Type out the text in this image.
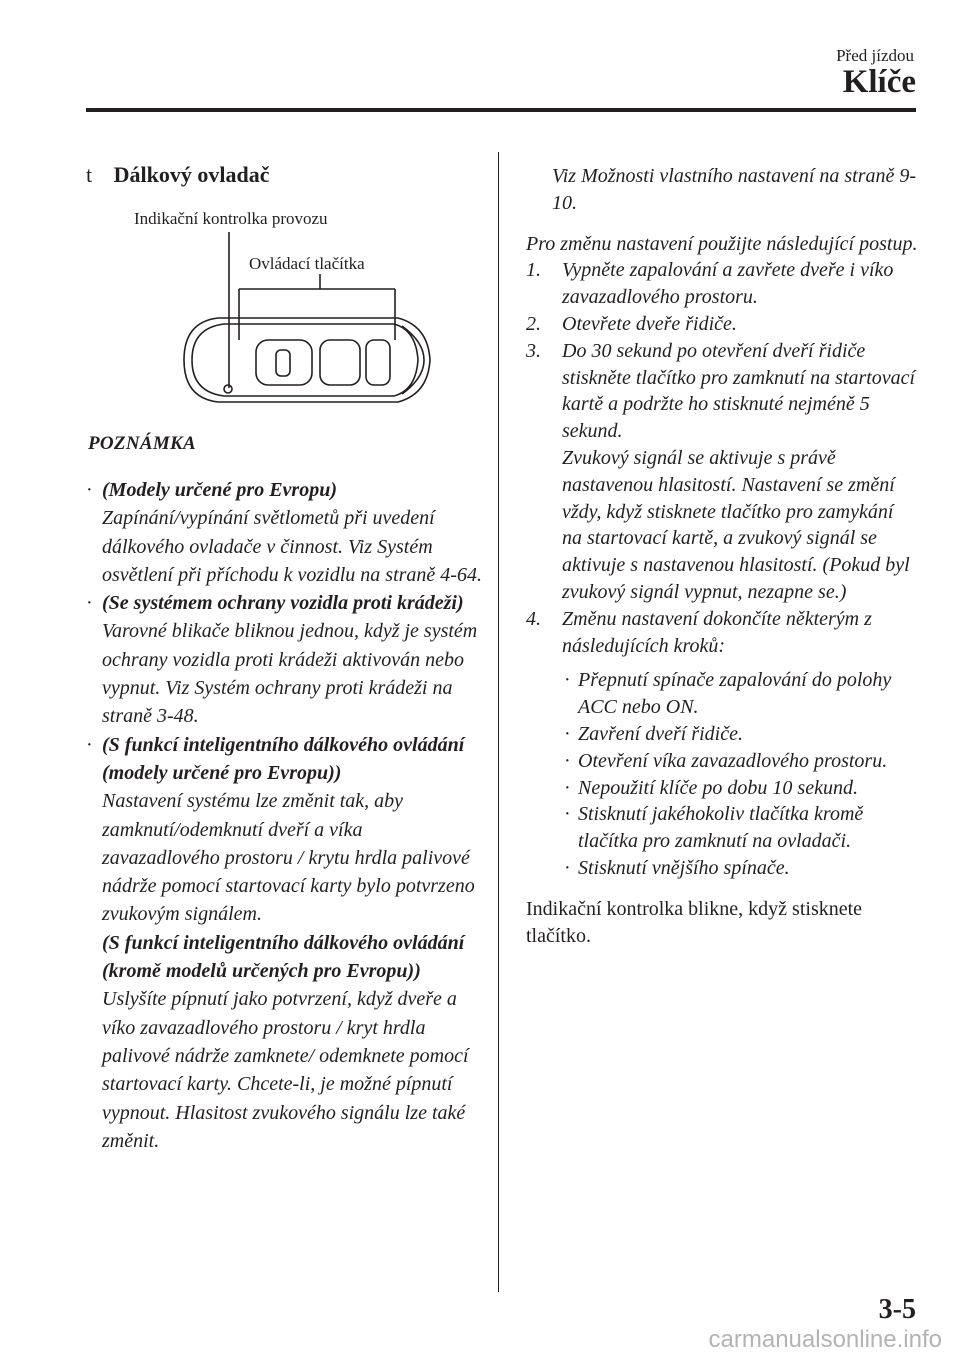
Před jízdou
Klíče
t Dálkový ovladač
Indikační kontrolka provozu
Ovládací tlačítka
POZNÁMKA
· (Modely určené pro Evropu)
Zapínání/vypínání světlometů při uvedení dálkového ovladače v činnost. Viz Systém osvětlení při příchodu k vozidlu na straně 4-64.
· (Se systémem ochrany vozidla proti krádeži)
Varovné blikače bliknou jednou, když je systém ochrany vozidla proti krádeži aktivován nebo vypnut. Viz Systém ochrany proti krádeži na straně 3-48.
· (S funkcí inteligentního dálkového ovládání (modely určené pro Evropu))
Nastavení systému lze změnit tak, aby zamknutí/odemknutí dveří a víka zavazadlového prostoru / krytu hrdla palivové nádrže pomocí startovací karty bylo potvrzeno zvukovým signálem.
(S funkcí inteligentního dálkového ovládání (kromě modelů určených pro Evropu))
Uslyšíte pípnutí jako potvrzení, když dveře a víko zavazadlového prostoru / kryt hrdla palivové nádrže zamknete/ odemknete pomocí startovací karty. Chcete-li, je možné pípnutí vypnout. Hlasitost zvukového signálu lze také změnit.

Viz Možnosti vlastního nastavení na straně 9-10.

Pro změnu nastavení použijte následující postup.

1. Vypněte zapalování a zavřete dveře i víko zavazadlového prostoru.
2. Otevřete dveře řidiče.
3. Do 30 sekund po otevření dveří řidiče stiskněte tlačítko pro zamknutí na startovací kartě a podržte ho stisknuté nejméně 5 sekund.
Zvukový signál se aktivuje s právě nastavenou hlasitostí. Nastavení se změní vždy, když stisknete tlačítko pro zamykání na startovací kartě, a zvukový signál se aktivuje s nastavenou hlasitostí. (Pokud byl zvukový signál vypnut, nezapne se.)
4. Změnu nastavení dokončíte některým z následujících kroků:
· Přepnutí spínače zapalování do polohy ACC nebo ON.
· Zavření dveří řidiče.
· Otevření víka zavazadlového prostoru.
· Nepoužití klíče po dobu 10 sekund.
· Stisknutí jakéhokoliv tlačítka kromě tlačítka pro zamknutí na ovladači.
· Stisknutí vnějšího spínače.

Indikační kontrolka blikne, když stisknete tlačítko.

3-5
carmanualsonline.info
